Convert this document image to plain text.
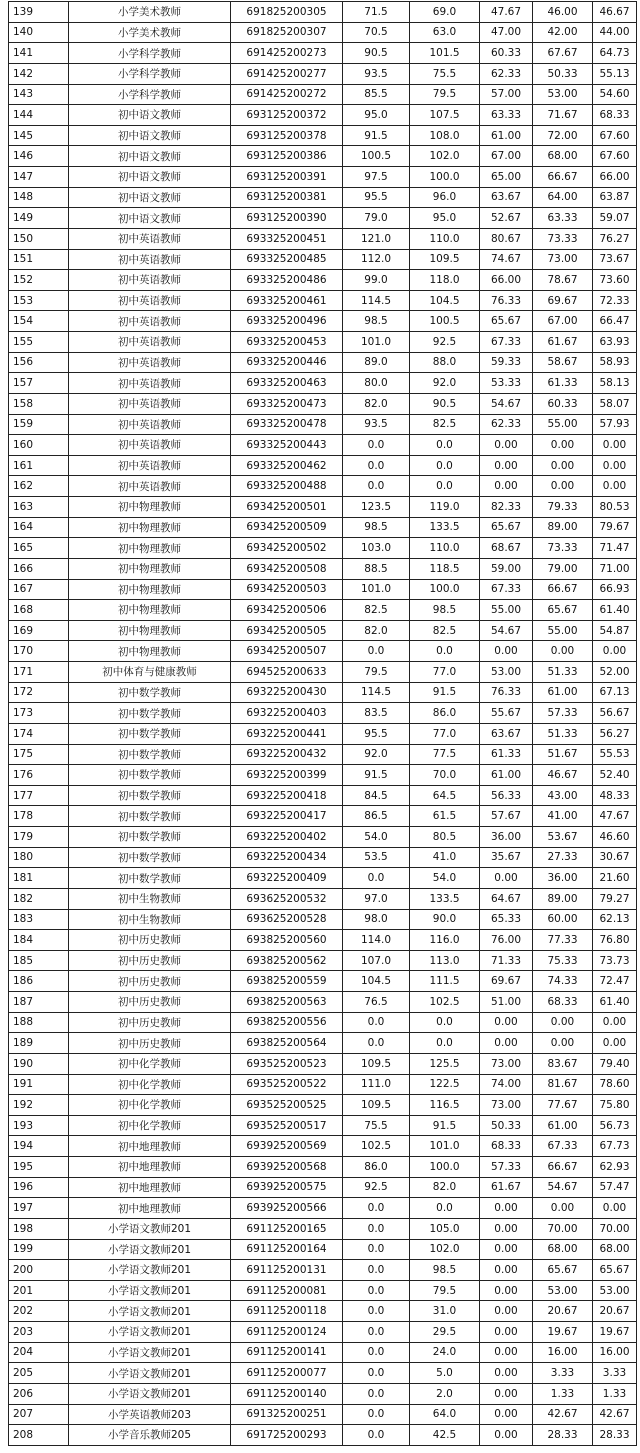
139	小学美术教师	691825200305	71.5	69.0	47.67	46.00	46.67
140	小学美术教师	691825200307	70.5	63.0	47.00	42.00	44.00
141	小学科学教师	691425200273	90.5	101.5	60.33	67.67	64.73
142	小学科学教师	691425200277	93.5	75.5	62.33	50.33	55.13
143	小学科学教师	691425200272	85.5	79.5	57.00	53.00	54.60
144	初中语文教师	693125200372	95.0	107.5	63.33	71.67	68.33
145	初中语文教师	693125200378	91.5	108.0	61.00	72.00	67.60
146	初中语文教师	693125200386	100.5	102.0	67.00	68.00	67.60
147	初中语文教师	693125200391	97.5	100.0	65.00	66.67	66.00
148	初中语文教师	693125200381	95.5	96.0	63.67	64.00	63.87
149	初中语文教师	693125200390	79.0	95.0	52.67	63.33	59.07
150	初中英语教师	693325200451	121.0	110.0	80.67	73.33	76.27
151	初中英语教师	693325200485	112.0	109.5	74.67	73.00	73.67
152	初中英语教师	693325200486	99.0	118.0	66.00	78.67	73.60
153	初中英语教师	693325200461	114.5	104.5	76.33	69.67	72.33
154	初中英语教师	693325200496	98.5	100.5	65.67	67.00	66.47
155	初中英语教师	693325200453	101.0	92.5	67.33	61.67	63.93
156	初中英语教师	693325200446	89.0	88.0	59.33	58.67	58.93
157	初中英语教师	693325200463	80.0	92.0	53.33	61.33	58.13
158	初中英语教师	693325200473	82.0	90.5	54.67	60.33	58.07
159	初中英语教师	693325200478	93.5	82.5	62.33	55.00	57.93
160	初中英语教师	693325200443	0.0	0.0	0.00	0.00	0.00
161	初中英语教师	693325200462	0.0	0.0	0.00	0.00	0.00
162	初中英语教师	693325200488	0.0	0.0	0.00	0.00	0.00
163	初中物理教师	693425200501	123.5	119.0	82.33	79.33	80.53
164	初中物理教师	693425200509	98.5	133.5	65.67	89.00	79.67
165	初中物理教师	693425200502	103.0	110.0	68.67	73.33	71.47
166	初中物理教师	693425200508	88.5	118.5	59.00	79.00	71.00
167	初中物理教师	693425200503	101.0	100.0	67.33	66.67	66.93
168	初中物理教师	693425200506	82.5	98.5	55.00	65.67	61.40
169	初中物理教师	693425200505	82.0	82.5	54.67	55.00	54.87
170	初中物理教师	693425200507	0.0	0.0	0.00	0.00	0.00
171	初中体育与健康教师	694525200633	79.5	77.0	53.00	51.33	52.00
172	初中数学教师	693225200430	114.5	91.5	76.33	61.00	67.13
173	初中数学教师	693225200403	83.5	86.0	55.67	57.33	56.67
174	初中数学教师	693225200441	95.5	77.0	63.67	51.33	56.27
175	初中数学教师	693225200432	92.0	77.5	61.33	51.67	55.53
176	初中数学教师	693225200399	91.5	70.0	61.00	46.67	52.40
177	初中数学教师	693225200418	84.5	64.5	56.33	43.00	48.33
178	初中数学教师	693225200417	86.5	61.5	57.67	41.00	47.67
179	初中数学教师	693225200402	54.0	80.5	36.00	53.67	46.60
180	初中数学教师	693225200434	53.5	41.0	35.67	27.33	30.67
181	初中数学教师	693225200409	0.0	54.0	0.00	36.00	21.60
182	初中生物教师	693625200532	97.0	133.5	64.67	89.00	79.27
183	初中生物教师	693625200528	98.0	90.0	65.33	60.00	62.13
184	初中历史教师	693825200560	114.0	116.0	76.00	77.33	76.80
185	初中历史教师	693825200562	107.0	113.0	71.33	75.33	73.73
186	初中历史教师	693825200559	104.5	111.5	69.67	74.33	72.47
187	初中历史教师	693825200563	76.5	102.5	51.00	68.33	61.40
188	初中历史教师	693825200556	0.0	0.0	0.00	0.00	0.00
189	初中历史教师	693825200564	0.0	0.0	0.00	0.00	0.00
190	初中化学教师	693525200523	109.5	125.5	73.00	83.67	79.40
191	初中化学教师	693525200522	111.0	122.5	74.00	81.67	78.60
192	初中化学教师	693525200525	109.5	116.5	73.00	77.67	75.80
193	初中化学教师	693525200517	75.5	91.5	50.33	61.00	56.73
194	初中地理教师	693925200569	102.5	101.0	68.33	67.33	67.73
195	初中地理教师	693925200568	86.0	100.0	57.33	66.67	62.93
196	初中地理教师	693925200575	92.5	82.0	61.67	54.67	57.47
197	初中地理教师	693925200566	0.0	0.0	0.00	0.00	0.00
198	小学语文教师201	691125200165	0.0	105.0	0.00	70.00	70.00
199	小学语文教师201	691125200164	0.0	102.0	0.00	68.00	68.00
200	小学语文教师201	691125200131	0.0	98.5	0.00	65.67	65.67
201	小学语文教师201	691125200081	0.0	79.5	0.00	53.00	53.00
202	小学语文教师201	691125200118	0.0	31.0	0.00	20.67	20.67
203	小学语文教师201	691125200124	0.0	29.5	0.00	19.67	19.67
204	小学语文教师201	691125200141	0.0	24.0	0.00	16.00	16.00
205	小学语文教师201	691125200077	0.0	5.0	0.00	3.33	3.33
206	小学语文教师201	691125200140	0.0	2.0	0.00	1.33	1.33
207	小学英语教师203	691325200251	0.0	64.0	0.00	42.67	42.67
208	小学音乐教师205	691725200293	0.0	42.5	0.00	28.33	28.33
